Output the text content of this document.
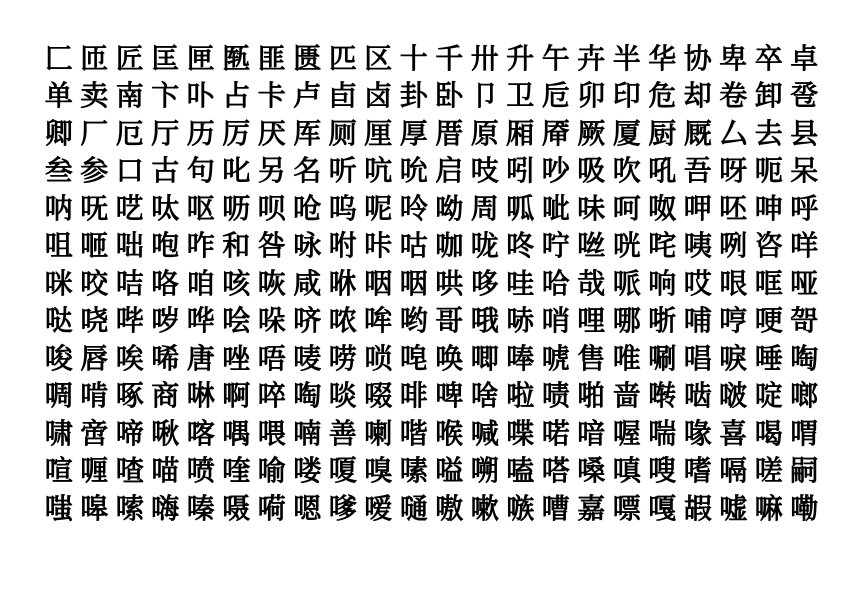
匚 匝 匠 匡 匣 匦 匪 匮 匹 区 十 千 卅 升 午 卉 半 华 协 卑 卒 卓
单 卖 南 卞 卟 占 卡 卢 卣 卤 卦 卧 卩 卫 卮 卯 印 危 却 卷 卸 卺
卿 厂 厄 厅 历 厉 厌 厍 厕 厘 厚 厝 原 厢 厣 厥 厦 厨 厩 厶 去 县
叁 参 口 古 句 叱 另 名 听 吭 吮 启 吱 吲 吵 吸 吹 吼 吾 呀 呃 呆
呐 呒 呓 呔 呕 呖 呗 呛 呜 呢 呤 呦 周 呱 呲 味 呵 呶 呷 呸 呻 呼
咀 咂 咄 咆 咋 和 咎 咏 咐 咔 咕 咖 咙 咚 咛 咝 咣 咤 咦 咧 咨 咩
咪 咬 咭 咯 咱 咳 咴 咸 咻 咽 咽 哄 哆 哇 哈 哉 哌 响 哎 哏 哐 哑
哒 哓 哔 哕 哗 哙 哚 哜 哝 哞 哟 哥 哦 哧 哨 哩 哪 哳 哺 哼 哽 哿
唆 唇 唉 唏 唐 唑 唔 唛 唠 唢 唣 唤 唧 唪 唬 售 唯 唰 唱 唳 唾 啕
啁 啃 啄 商 啉 啊 啐 啕 啖 啜 啡 啤 啥 啦 啧 啪 啬 啭 啮 啵 啶 啷
啸 啻 啼 啾 喀 喁 喂 喃 善 喇 喈 喉 喊 喋 喏 喑 喔 喘 喙 喜 喝 喟
喧 喱 喳 喵 喷 喹 喻 喽 嗄 嗅 嗉 嗌 嗍 嗑 嗒 嗓 嗔 嗖 嗜 嗝 嗟 嗣
嗤 嗥 嗦 嗨 嗪 嗫 嗬 嗯 嗲 嗳 嗵 嗷 嗽 嗾 嘈 嘉 嘌 嘎 嘏 嘘 嘛 嘞
